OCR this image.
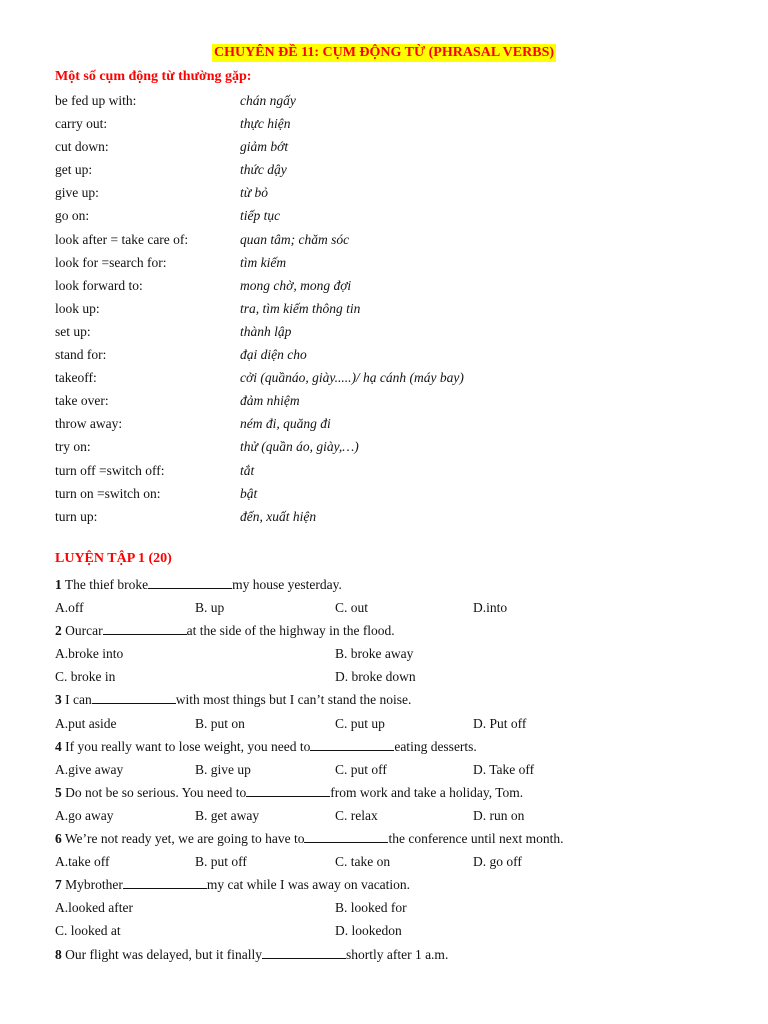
CHUYÊN ĐỀ 11: CỤM ĐỘNG TỪ (PHRASAL VERBS)
Một số cụm động từ thường gặp:
be fed up with:	chán ngấy
carry out:	thực hiện
cut down:	giảm bớt
get up:	thức dậy
give up:	từ bỏ
go on:	tiếp tục
look after = take care of:	quan tâm; chăm sóc
look for =search for:	tìm kiếm
look forward to:	mong chờ, mong đợi
look up:	tra, tìm kiếm thông tin
set up:	thành lập
stand for:	đại diện cho
takeoff:	cởi (quầnáo, giày.....)/ hạ cánh (máy bay)
take over:	đảm nhiệm
throw away:	ném đi, quăng đi
try on:	thử (quần áo, giày,…)
turn off =switch off:	tắt
turn on =switch on:	bật
turn up:	đến, xuất hiện
LUYỆN TẬP 1 (20)
1 The thief broke	my house yesterday.
A.off	B. up	C. out	D.into
2 Ourcar	at the side of the highway in the flood.
A.broke into	B. broke away
C. broke in	D. broke down
3 I can	with most things but I can’t stand the noise.
A.put aside	B. put on	C. put up	D. Put off
4 If you really want to lose weight, you need to	eating desserts.
A.give away	B. give up	C. put off	D. Take off
5 Do not be so serious. You need to	from work and take a holiday, Tom.
A.go away	B. get away	C. relax	D. run on
6 We’re not ready yet, we are going to have to	the conference until next month.
A.take off	B. put off	C. take on	D. go off
7 Mybrother	my cat while I was away on vacation.
A.looked after	B. looked for
C. looked at	D. lookedon
8 Our flight was delayed, but it finally	shortly after 1 a.m.
